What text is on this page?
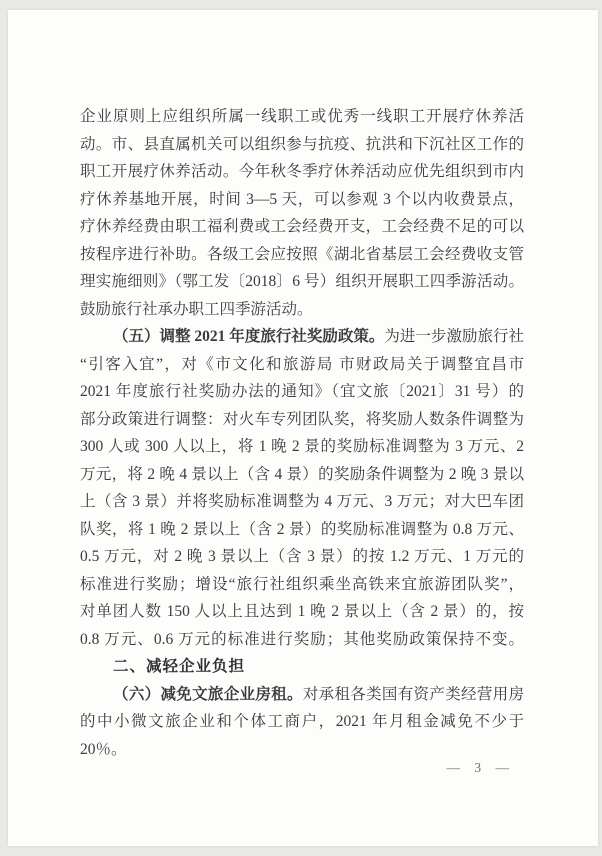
企业原则上应组织所属一线职工或优秀一线职工开展疗休养活
动。市、县直属机关可以组织参与抗疫、抗洪和下沉社区工作的
职工开展疗休养活动。今年秋冬季疗休养活动应优先组织到市内
疗休养基地开展，时间 3—5 天，可以参观 3 个以内收费景点，
疗休养经费由职工福利费或工会经费开支，工会经费不足的可以
按程序进行补助。各级工会应按照《湖北省基层工会经费收支管
理实施细则》（鄂工发〔2018〕6 号）组织开展职工四季游活动。
鼓励旅行社承办职工四季游活动。
（五）调整 2021 年度旅行社奖励政策。为进一步激励旅行社
“引客入宜”，对《市文化和旅游局 市财政局关于调整宜昌市
2021 年度旅行社奖励办法的通知》（宜文旅〔2021〕31 号）的
部分政策进行调整：对火车专列团队奖，将奖励人数条件调整为
300 人或 300 人以上，将 1 晚 2 景的奖励标准调整为 3 万元、2
万元，将 2 晚 4 景以上（含 4 景）的奖励条件调整为 2 晚 3 景以
上（含 3 景）并将奖励标准调整为 4 万元、3 万元；对大巴车团
队奖，将 1 晚 2 景以上（含 2 景）的奖励标准调整为 0.8 万元、
0.5 万元，对 2 晚 3 景以上（含 3 景）的按 1.2 万元、1 万元的
标准进行奖励；增设“旅行社组织乘坐高铁来宜旅游团队奖”，
对单团人数 150 人以上且达到 1 晚 2 景以上（含 2 景）的，按
0.8 万元、0.6 万元的标准进行奖励；其他奖励政策保持不变。
二、减轻企业负担
（六）减免文旅企业房租。对承租各类国有资产类经营用房
的中小微文旅企业和个体工商户，2021 年月租金减免不少于
20％。
— 3 —
